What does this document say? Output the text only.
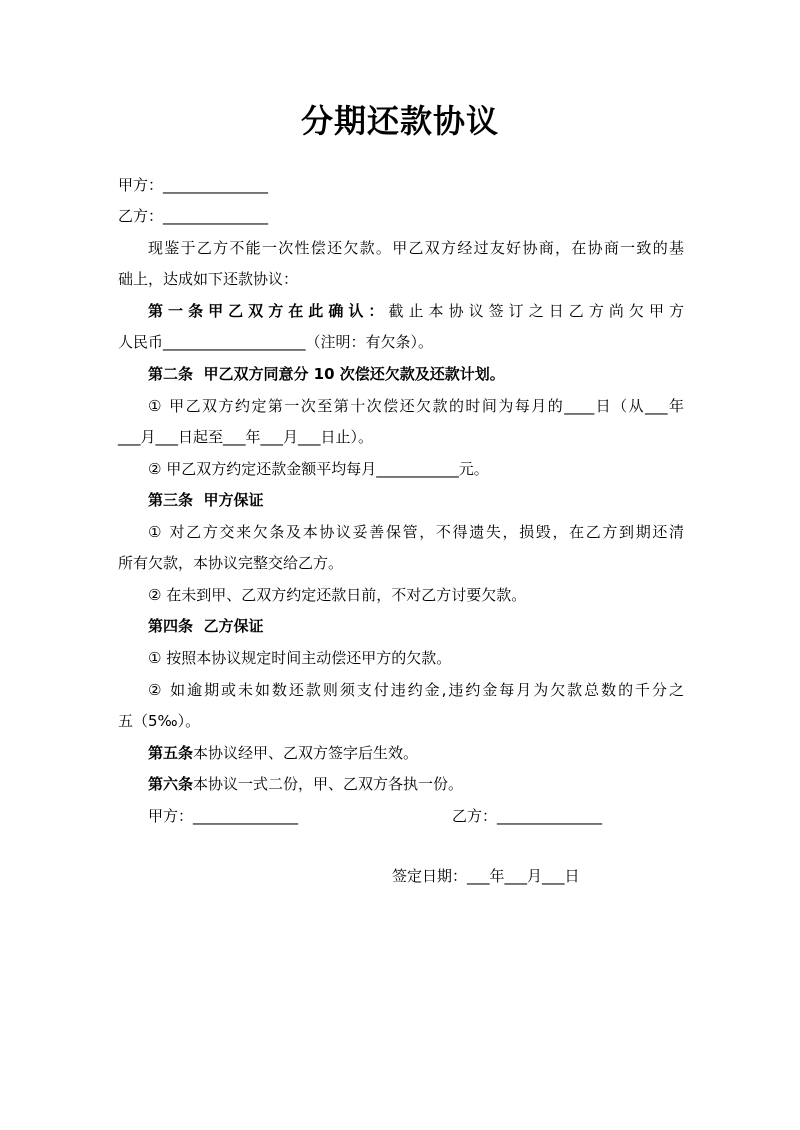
分期还款协议
甲方：______________
乙方：______________
现鉴于乙方不能一次性偿还欠款。甲乙双方经过友好协商，在协商一致的基
础上，达成如下还款协议：
第一条甲乙双方在此确认：截止本协议签订之日乙方尚欠甲方
人民币___________________（注明：有欠条）。
第二条  甲乙双方同意分 10 次偿还欠款及还款计划。
① 甲乙双方约定第一次至第十次偿还欠款的时间为每月的____日（从___年
___月___日起至___年___月___日止）。
② 甲乙双方约定还款金额平均每月___________元。
第三条  甲方保证
① 对乙方交来欠条及本协议妥善保管，不得遗失，损毁，在乙方到期还清
所有欠款，本协议完整交给乙方。
② 在未到甲、乙双方约定还款日前，不对乙方讨要欠款。
第四条  乙方保证
① 按照本协议规定时间主动偿还甲方的欠款。
② 如逾期或未如数还款则须支付违约金,违约金每月为欠款总数的千分之
五（5‰）。
第五条本协议经甲、乙双方签字后生效。
第六条本协议一式二份，甲、乙双方各执一份。
甲方：______________	乙方：______________
签定日期：___年___月___日
